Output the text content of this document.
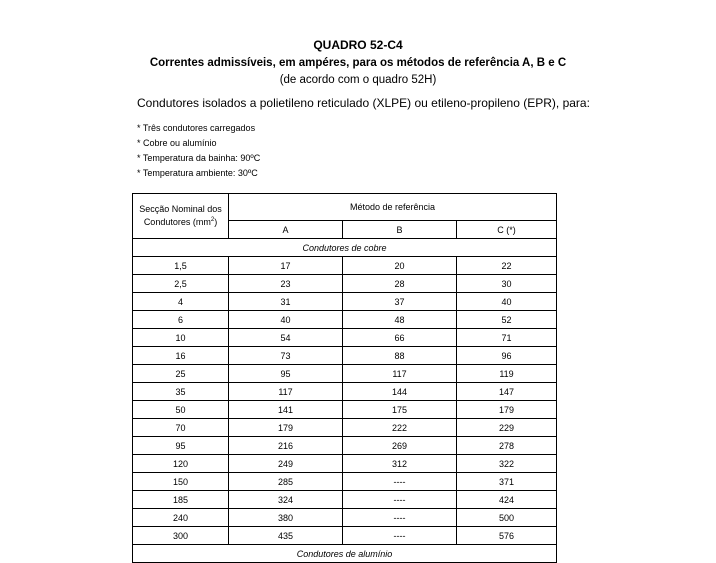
QUADRO 52-C4
Correntes admissíveis, em ampéres, para os métodos de referência A, B e C
(de acordo com o quadro 52H)
Condutores isolados a polietileno reticulado (XLPE) ou etileno-propileno (EPR), para:
* Três condutores carregados
* Cobre ou alumínio
* Temperatura da bainha: 90ºC
* Temperatura ambiente: 30ºC
Secção Nominal dos
Condutores $(mm^2)$	Método de referência		
	A	B	C (*)
Condutores de cobre			
1,5	17	20	22
2,5	23	28	30
4	31	37	40
6	40	48	52
10	54	66	71
16	73	88	96
25	95	117	119
35	117	144	147
50	141	175	179
70	179	222	229
95	216	269	278
120	249	312	322
150	285	----	371
185	324	----	424
240	380	----	500
300	435	----	576
Condutores de alumínio			
